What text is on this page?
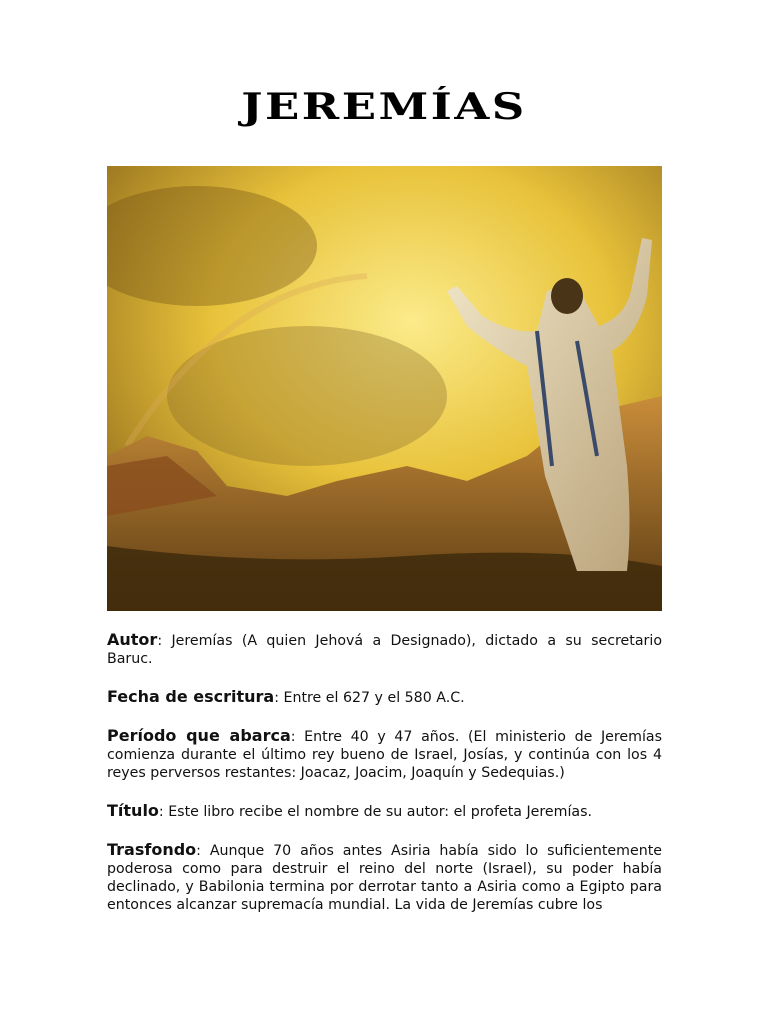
JEREMÍAS

Autor: Jeremías (A quien Jehová a Designado), dictado a su secretario Baruc.

Fecha de escritura: Entre el 627 y el 580 A.C.

Período que abarca: Entre 40 y 47 años. (El ministerio de Jeremías comienza durante el último rey bueno de Israel, Josías, y continúa con los 4 reyes perversos restantes: Joacaz, Joacim, Joaquín y Sedequias.)

Título: Este libro recibe el nombre de su autor: el profeta Jeremías.

Trasfondo: Aunque 70 años antes Asiria había sido lo suficientemente poderosa como para destruir el reino del norte (Israel), su poder había declinado, y Babilonia termina por derrotar tanto a Asiria como a Egipto para entonces alcanzar supremacía mundial. La vida de Jeremías cubre los
